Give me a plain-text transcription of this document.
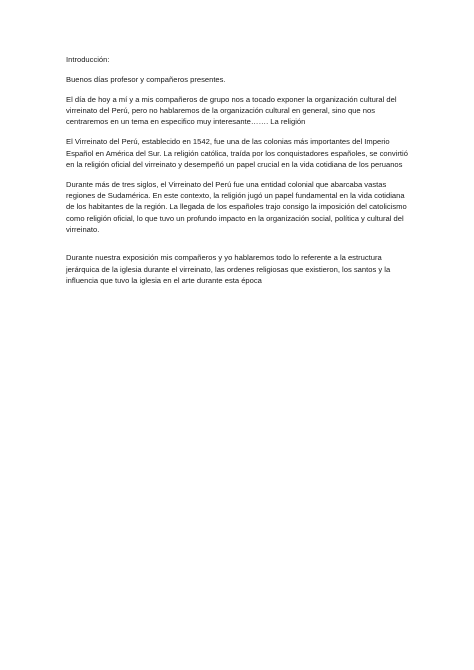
Introducción:

Buenos días profesor y compañeros presentes.

El día de hoy a mí y a mis compañeros de grupo nos a tocado exponer la organización cultural del virreinato del Perú, pero no hablaremos de la organización cultural en general, sino que nos centraremos en un tema en especifico muy interesante……. La religión

El Virreinato del Perú, establecido en 1542, fue una de las colonias más importantes del Imperio Español en América del Sur. La religión católica, traída por los conquistadores españoles, se convirtió en la religión oficial del virreinato y desempeñó un papel crucial en la vida cotidiana de los peruanos

Durante más de tres siglos, el Virreinato del Perú fue una entidad colonial que abarcaba vastas regiones de Sudamérica. En este contexto, la religión jugó un papel fundamental en la vida cotidiana de los habitantes de la región. La llegada de los españoles trajo consigo la imposición del catolicismo como religión oficial, lo que tuvo un profundo impacto en la organización social, política y cultural del virreinato.

Durante nuestra exposición mis compañeros y yo hablaremos todo lo referente a la estructura jerárquica de la iglesia durante el virreinato, las ordenes religiosas que existieron, los santos y la influencia que tuvo la iglesia en el arte durante esta época
